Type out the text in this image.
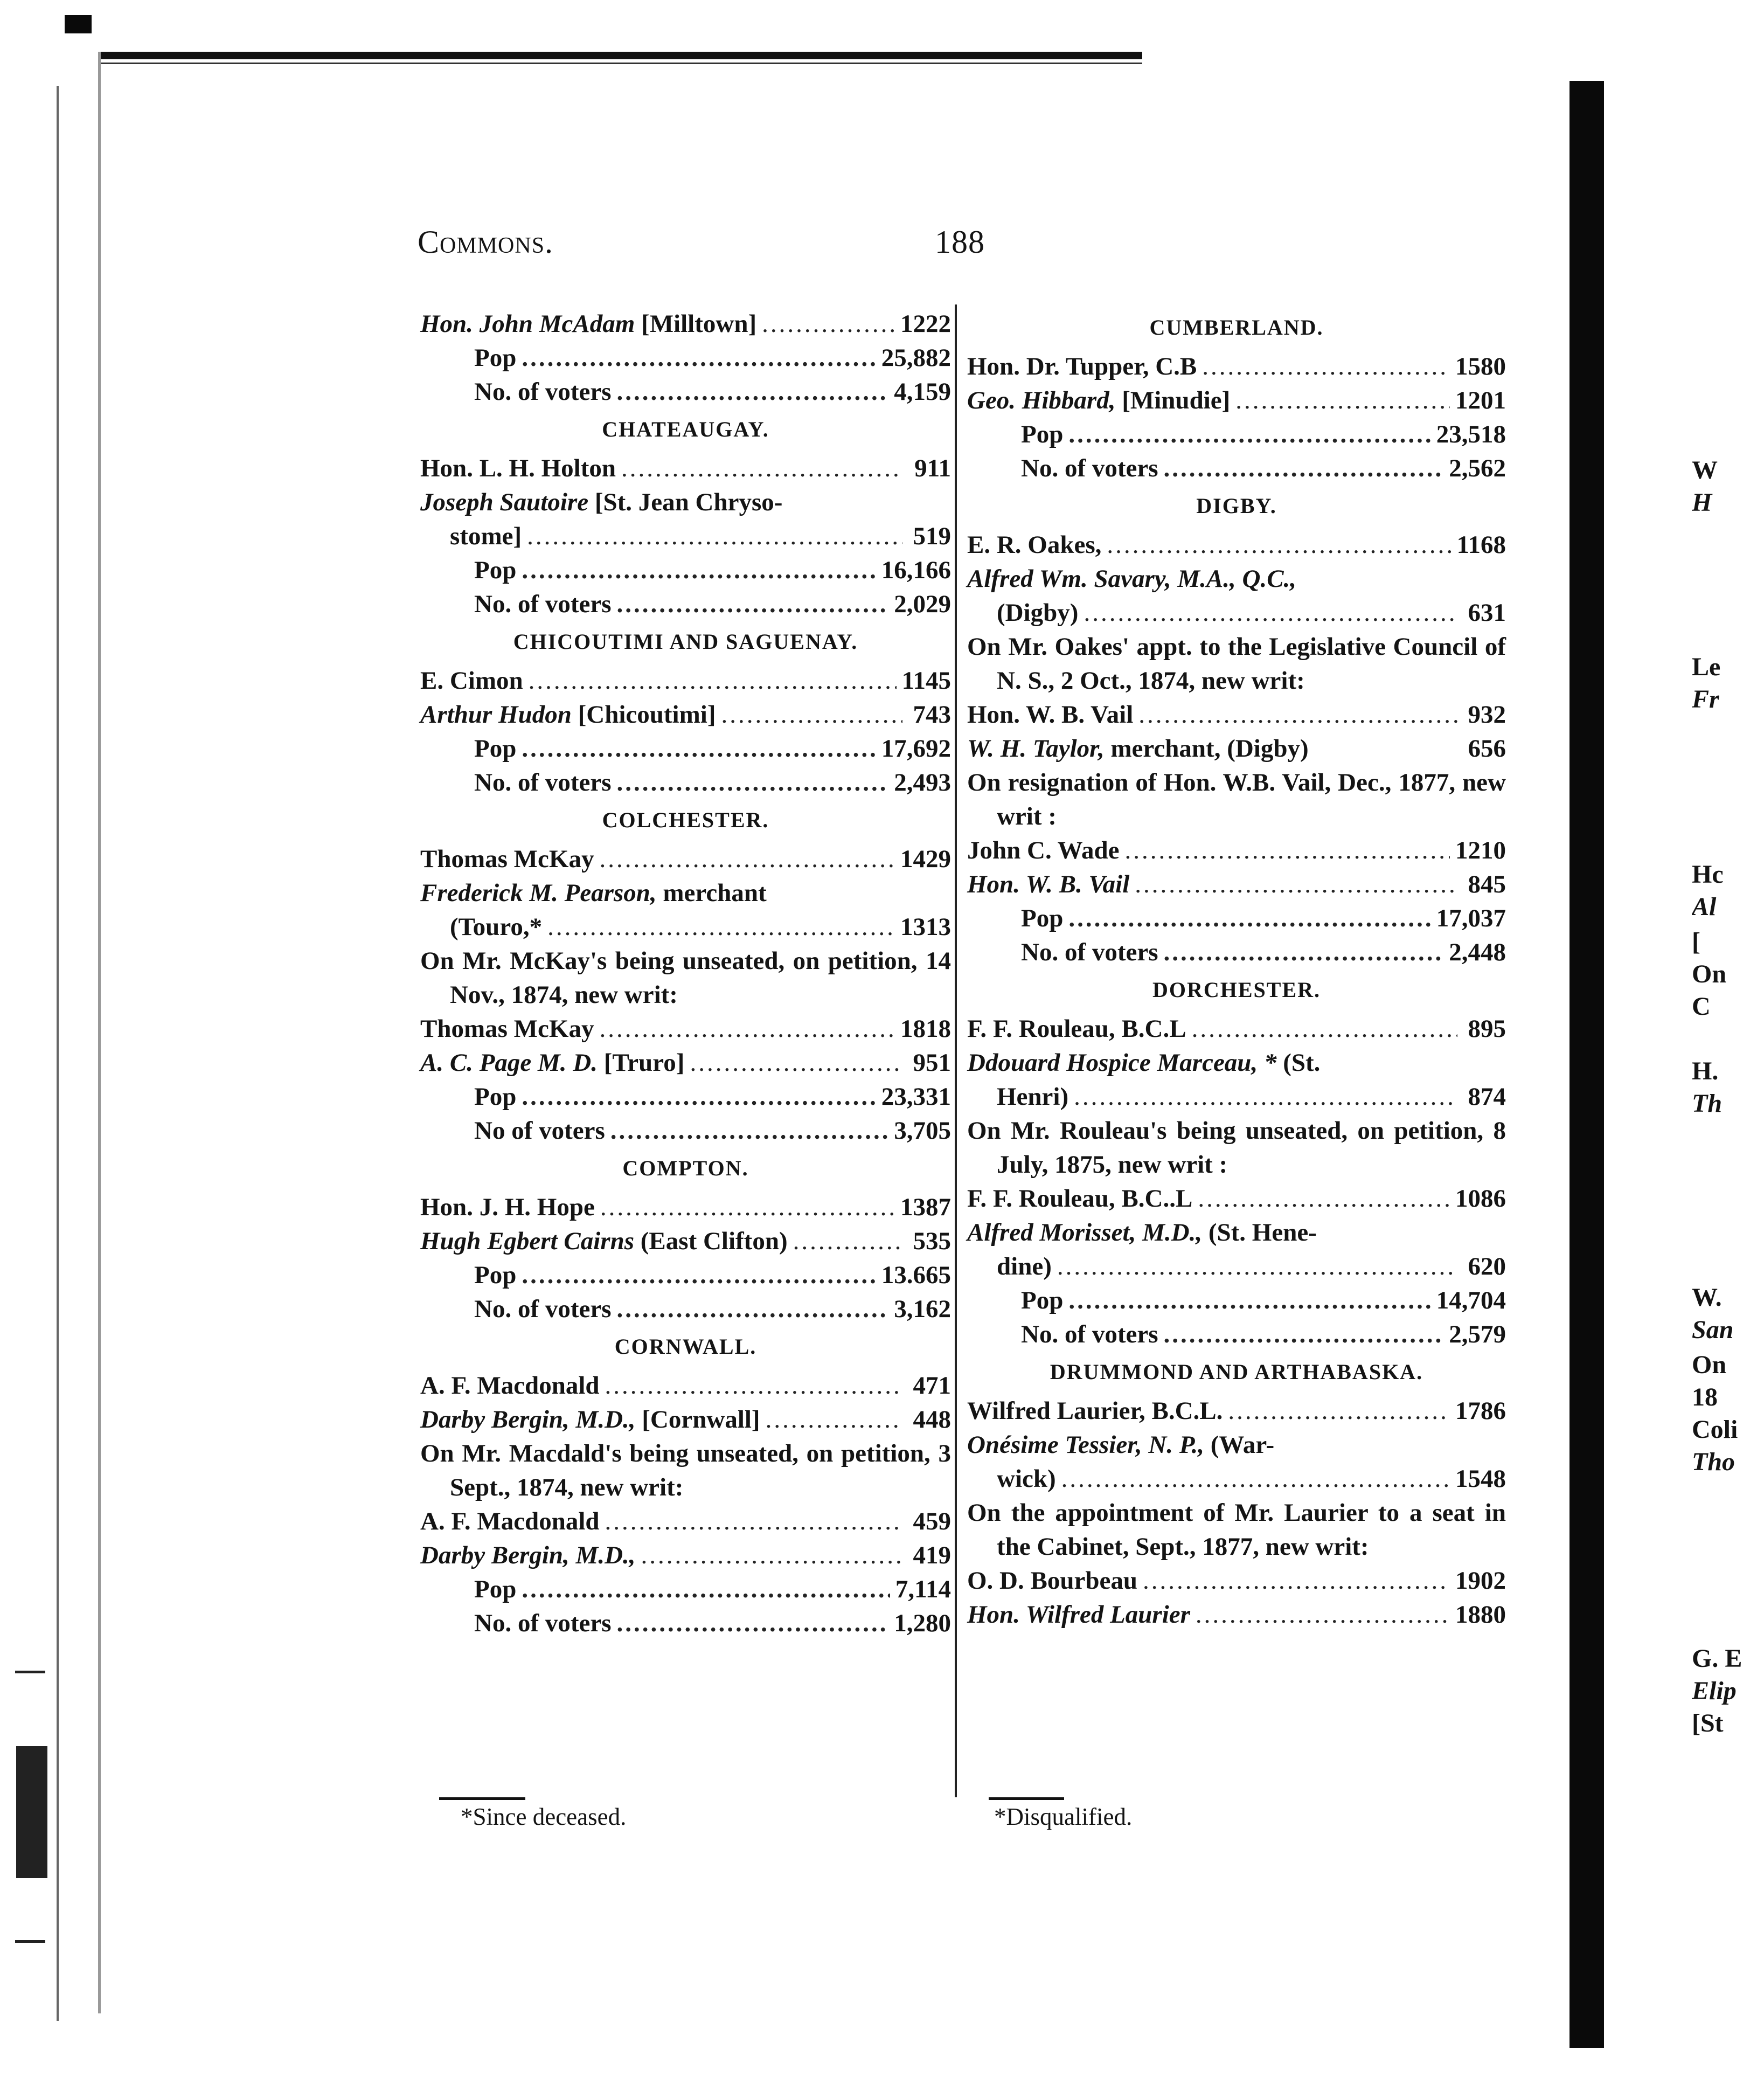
Commons.	188
Hon. John McAdam [Milltown] .....	1222
Pop .....	25,882
No. of voters .....	4,159
CHATEAUGAY.
Hon. L. H. Holton .....	911
Joseph Sautoire [St. Jean Chryso-
stome] .....	519
Pop .....	16,166
No. of voters .....	2,029
CHICOUTIMI AND SAGUENAY.
E. Cimon .....	1145
Arthur Hudon [Chicoutimi] .....	743
Pop .....	17,692
No. of voters .....	2,493
COLCHESTER.
Thomas McKay .....	1429
Frederick M. Pearson, merchant
(Touro,* .....	1313
On Mr. McKay's being unseated, on petition, 14 Nov., 1874, new writ:
Thomas McKay .....	1818
A. C. Page M. D. [Truro] .....	951
Pop .....	23,331
No of voters .....	3,705
COMPTON.
Hon. J. H. Hope .....	1387
Hugh Egbert Cairns (East Clifton) .....	535
Pop .....	13.665
No. of voters .....	3,162
CORNWALL.
A. F. Macdonald .....	471
Darby Bergin, M.D., [Cornwall] .....	448
On Mr. Macdald's being unseated, on petition, 3 Sept., 1874, new writ:
A. F. Macdonald .....	459
Darby Bergin, M.D., .....	419
Pop .....	7,114
No. of voters .....	1,280
CUMBERLAND.
Hon. Dr. Tupper, C.B .....	1580
Geo. Hibbard, [Minudie] .....	1201
Pop .....	23,518
No. of voters .....	2,562
DIGBY.
E. R. Oakes, .....	1168
Alfred Wm. Savary, M.A., Q.C.,
(Digby) .....	631
On Mr. Oakes' appt. to the Legislative Council of N. S., 2 Oct., 1874, new writ:
Hon. W. B. Vail .....	932
W. H. Taylor, merchant, (Digby)	656
On resignation of Hon. W.B. Vail, Dec., 1877, new writ :
John C. Wade .....	1210
Hon. W. B. Vail .....	845
Pop .....	17,037
No. of voters .....	2,448
DORCHESTER.
F. F. Rouleau, B.C.L .....	895
Ddouard Hospice Marceau, * (St.
Henri) .....	874
On Mr. Rouleau's being unseated, on petition, 8 July, 1875, new writ :
F. F. Rouleau, B.C..L .....	1086
Alfred Morisset, M.D., (St. Hene-
dine) .....	620
Pop .....	14,704
No. of voters .....	2,579
DRUMMOND AND ARTHABASKA.
Wilfred Laurier, B.C.L. .....	1786
Onésime Tessier, N. P., (War-
wick) .....	1548
On the appointment of Mr. Laurier to a seat in the Cabinet, Sept., 1877, new writ:
O. D. Bourbeau .....	1902
Hon. Wilfred Laurier .....	1880
*Since deceased.	*Disqualified.
W
H
Le
Fr
Hc
Al
[
On
C
H.
Th
W.
San
On
18
Coli
Tho
G. E
Elip
[St
